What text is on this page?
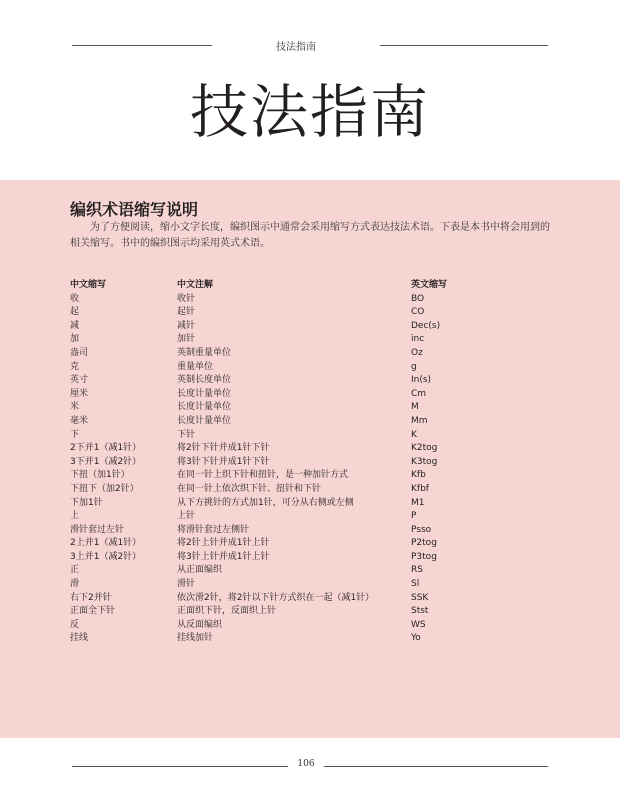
技法指南
技法指南
编织术语缩写说明
为了方便阅读，缩小文字长度，编织图示中通常会采用缩写方式表达技法术语。下表是本书中将会用到的相关缩写。书中的编织图示均采用英式术语。
中文缩写	中文注解	英文缩写
收	收针	BO
起	起针	CO
减	减针	Dec(s)
加	加针	inc
盎司	英制重量单位	Oz
克	重量单位	g
英寸	英制长度单位	In(s)
厘米	长度计量单位	Cm
米	长度计量单位	M
毫米	长度计量单位	Mm
下	下针	K
2下并1（减1针）	将2针下针并成1针下针	K2tog
3下并1（减2针）	将3针下针并成1针下针	K3tog
下扭（加1针）	在同一针上织下针和扭针，是一种加针方式	Kfb
下扭下（加2针）	在同一针上依次织下针、扭针和下针	Kfbf
下加1针	从下方挑针的方式加1针，可分从右侧或左侧	M1
上	上针	P
滑针套过左针	将滑针套过左侧针	Psso
2上并1（减1针）	将2针上针并成1针上针	P2tog
3上并1（减2针）	将3针上针并成1针上针	P3tog
正	从正面编织	RS
滑	滑针	Sl
右下2并针	依次滑2针，将2针以下针方式织在一起（减1针）	SSK
正面全下针	正面织下针，反面织上针	Stst
反	从反面编织	WS
挂线	挂线加针	Yo
106
